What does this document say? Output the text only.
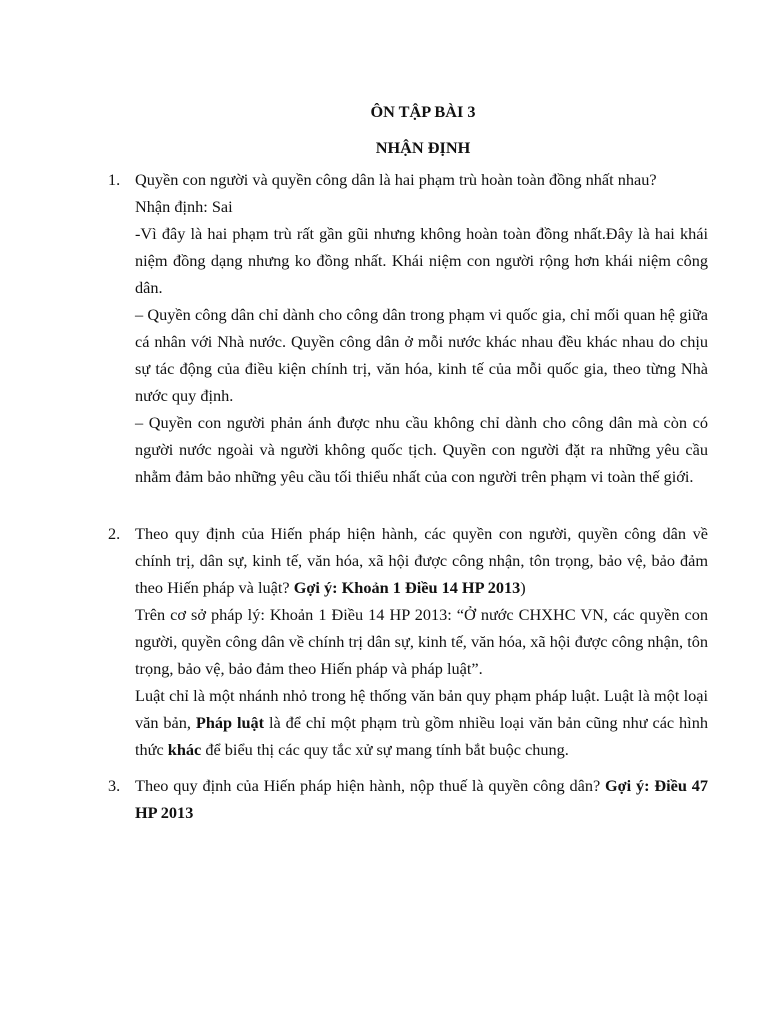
ÔN TẬP BÀI 3

NHẬN ĐỊNH

1. Quyền con người và quyền công dân là hai phạm trù hoàn toàn đồng nhất nhau?

Nhận định: Sai

-Vì đây là hai phạm trù rất gần gũi nhưng không hoàn toàn đồng nhất.Đây là hai khái niệm đồng dạng nhưng ko đồng nhất. Khái niệm con người rộng hơn khái niệm công dân.

– Quyền công dân chỉ dành cho công dân trong phạm vi quốc gia, chỉ mối quan hệ giữa cá nhân với Nhà nước. Quyền công dân ở mỗi nước khác nhau đều khác nhau do chịu sự tác động của điều kiện chính trị, văn hóa, kinh tế của mỗi quốc gia, theo từng Nhà nước quy định.

– Quyền con người phản ánh được nhu cầu không chỉ dành cho công dân mà còn có người nước ngoài và người không quốc tịch. Quyền con người đặt ra những yêu cầu nhằm đảm bảo những yêu cầu tối thiểu nhất của con người trên phạm vi toàn thế giới.

2. Theo quy định của Hiến pháp hiện hành, các quyền con người, quyền công dân về chính trị, dân sự, kinh tế, văn hóa, xã hội được công nhận, tôn trọng, bảo vệ, bảo đảm theo Hiến pháp và luật? Gợi ý: Khoản 1 Điều 14 HP 2013)

Trên cơ sở pháp lý: Khoản 1 Điều 14 HP 2013: “Ở nước CHXHC VN, các quyền con người, quyền công dân về chính trị dân sự, kinh tế, văn hóa, xã hội được công nhận, tôn trọng, bảo vệ, bảo đảm theo Hiến pháp và pháp luật”.

Luật chỉ là một nhánh nhỏ trong hệ thống văn bản quy phạm pháp luật. Luật là một loại văn bản, Pháp luật là để chỉ một phạm trù gồm nhiều loại văn bản cũng như các hình thức khác để biểu thị các quy tắc xử sự mang tính bắt buộc chung.

3. Theo quy định của Hiến pháp hiện hành, nộp thuế là quyền công dân? Gợi ý: Điều 47 HP 2013
